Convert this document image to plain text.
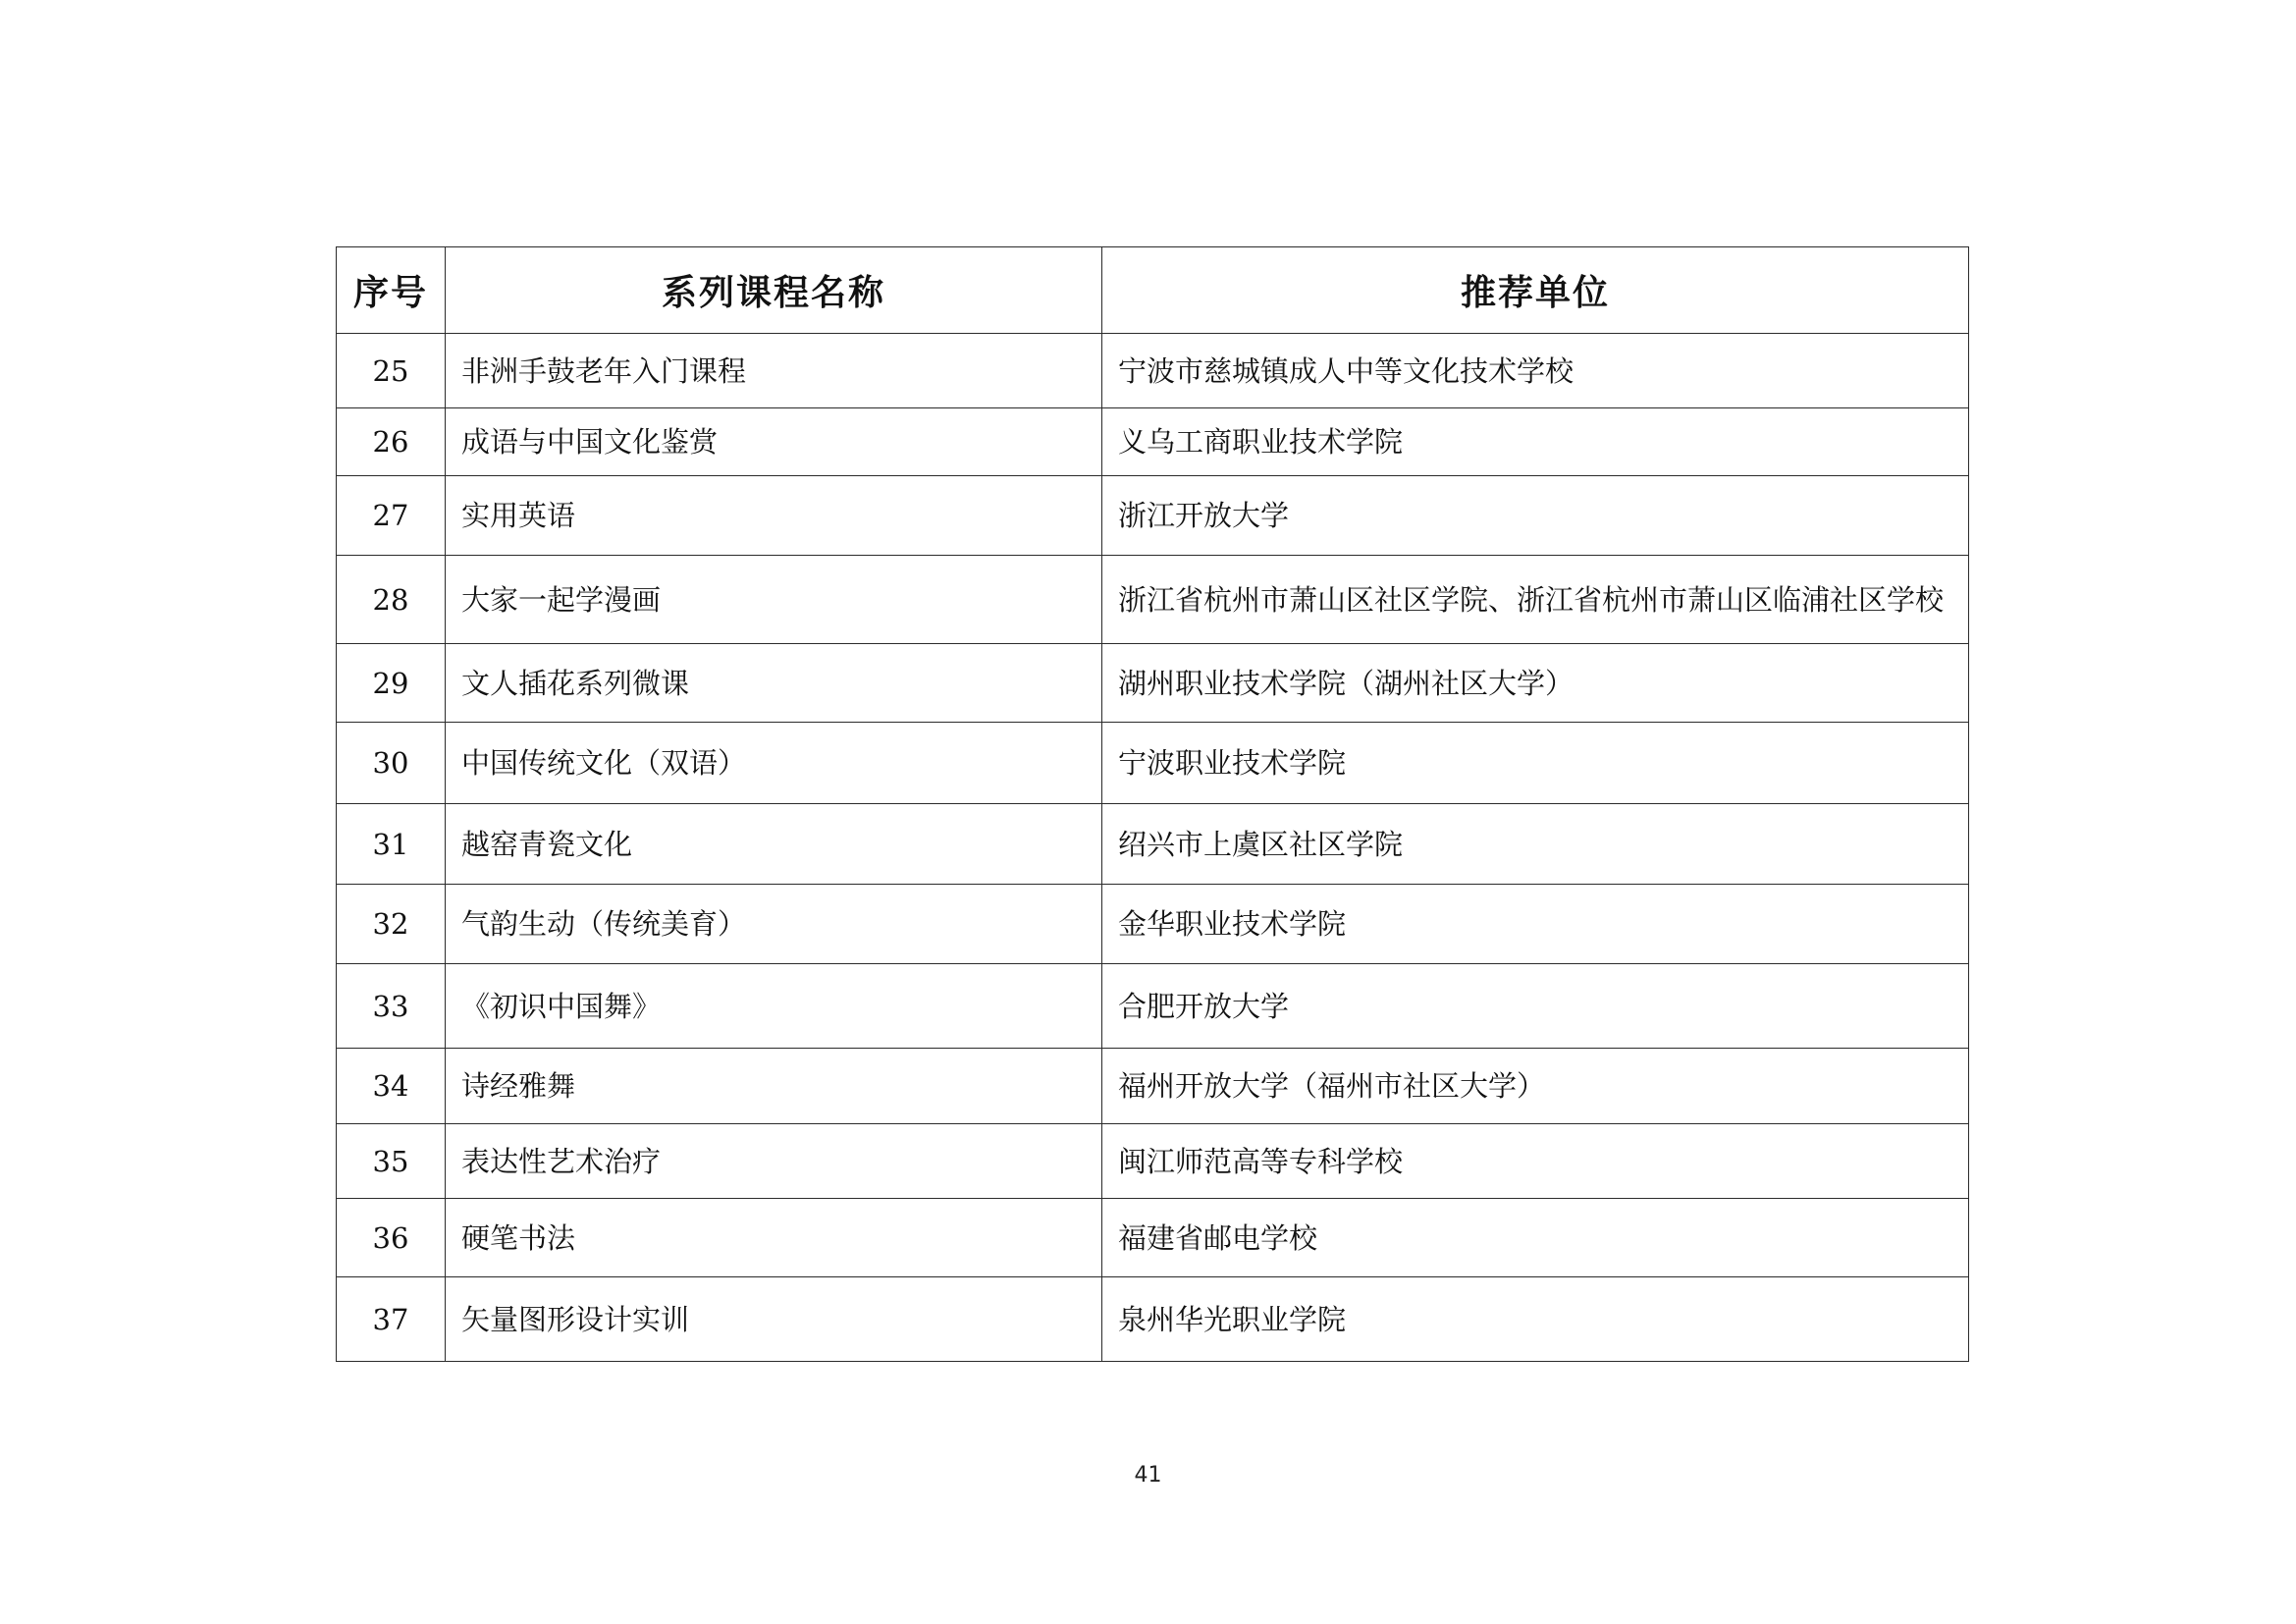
序号	系列课程名称	推荐单位
25	非洲手鼓老年入门课程	宁波市慈城镇成人中等文化技术学校
26	成语与中国文化鉴赏	义乌工商职业技术学院
27	实用英语	浙江开放大学
28	大家一起学漫画	浙江省杭州市萧山区社区学院、浙江省杭州市萧山区临浦社区学校
29	文人插花系列微课	湖州职业技术学院（湖州社区大学）
30	中国传统文化（双语）	宁波职业技术学院
31	越窑青瓷文化	绍兴市上虞区社区学院
32	气韵生动（传统美育）	金华职业技术学院
33	《初识中国舞》	合肥开放大学
34	诗经雅舞	福州开放大学（福州市社区大学）
35	表达性艺术治疗	闽江师范高等专科学校
36	硬笔书法	福建省邮电学校
37	矢量图形设计实训	泉州华光职业学院
41
